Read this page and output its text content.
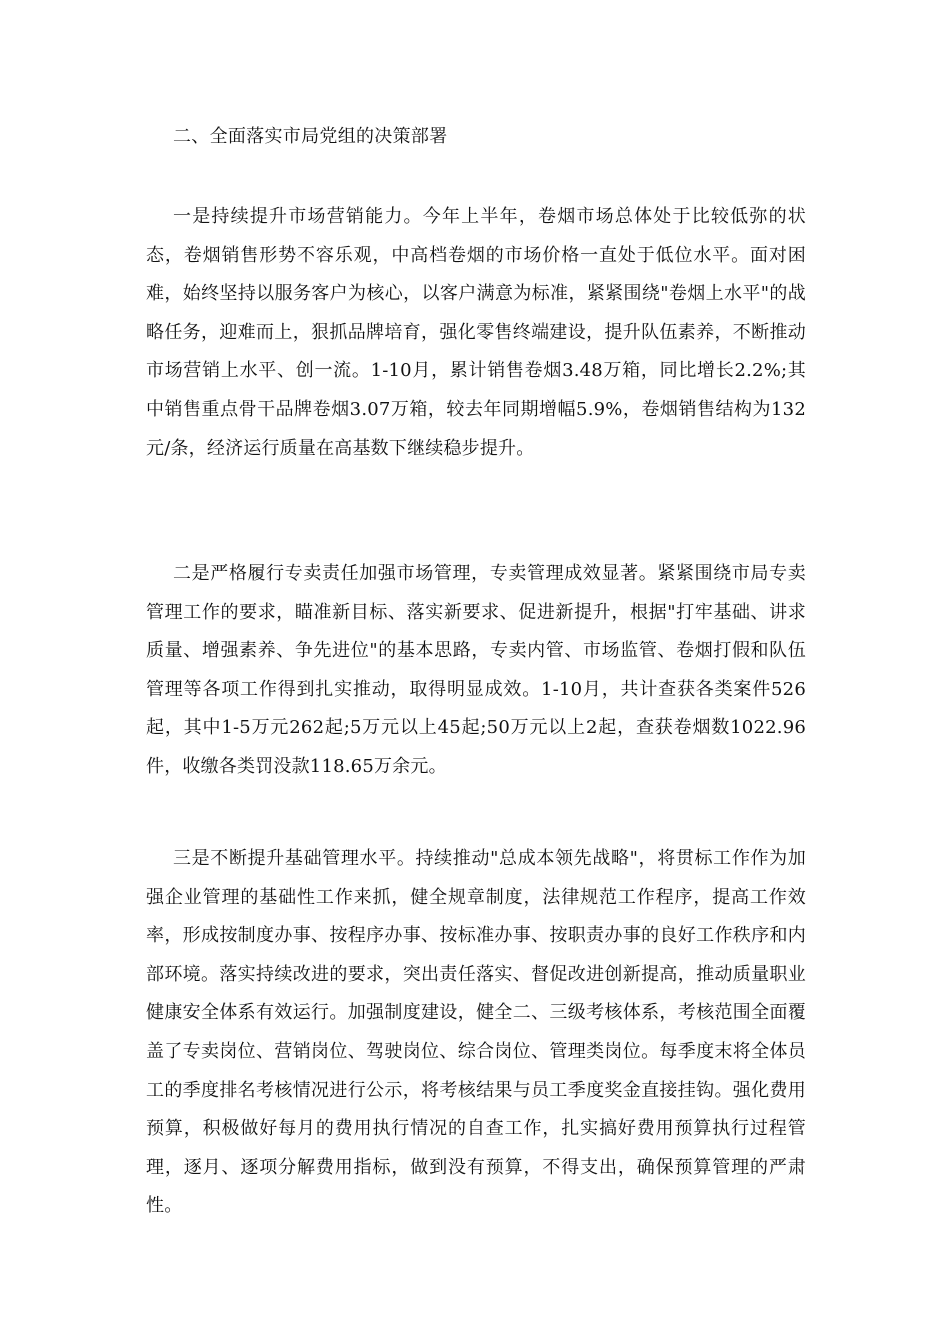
二、全面落实市局党组的决策部署

一是持续提升市场营销能力。今年上半年，卷烟市场总体处于比较低弥的状态，卷烟销售形势不容乐观，中高档卷烟的市场价格一直处于低位水平。面对困难，始终坚持以服务客户为核心，以客户满意为标准，紧紧围绕"卷烟上水平"的战略任务，迎难而上，狠抓品牌培育，强化零售终端建设，提升队伍素养，不断推动市场营销上水平、创一流。1-10月，累计销售卷烟3.48万箱，同比增长2.2%;其中销售重点骨干品牌卷烟3.07万箱，较去年同期增幅5.9%，卷烟销售结构为132元/条，经济运行质量在高基数下继续稳步提升。

二是严格履行专卖责任加强市场管理，专卖管理成效显著。紧紧围绕市局专卖管理工作的要求，瞄准新目标、落实新要求、促进新提升，根据"打牢基础、讲求质量、增强素养、争先进位"的基本思路，专卖内管、市场监管、卷烟打假和队伍管理等各项工作得到扎实推动，取得明显成效。1-10月，共计查获各类案件526起，其中1-5万元262起;5万元以上45起;50万元以上2起，查获卷烟数1022.96件，收缴各类罚没款118.65万余元。

三是不断提升基础管理水平。持续推动"总成本领先战略"，将贯标工作作为加强企业管理的基础性工作来抓，健全规章制度，法律规范工作程序，提高工作效率，形成按制度办事、按程序办事、按标准办事、按职责办事的良好工作秩序和内部环境。落实持续改进的要求，突出责任落实、督促改进创新提高，推动质量职业健康安全体系有效运行。加强制度建设，健全二、三级考核体系，考核范围全面覆盖了专卖岗位、营销岗位、驾驶岗位、综合岗位、管理类岗位。每季度末将全体员工的季度排名考核情况进行公示，将考核结果与员工季度奖金直接挂钩。强化费用预算，积极做好每月的费用执行情况的自查工作，扎实搞好费用预算执行过程管理，逐月、逐项分解费用指标，做到没有预算，不得支出，确保预算管理的严肃性。
